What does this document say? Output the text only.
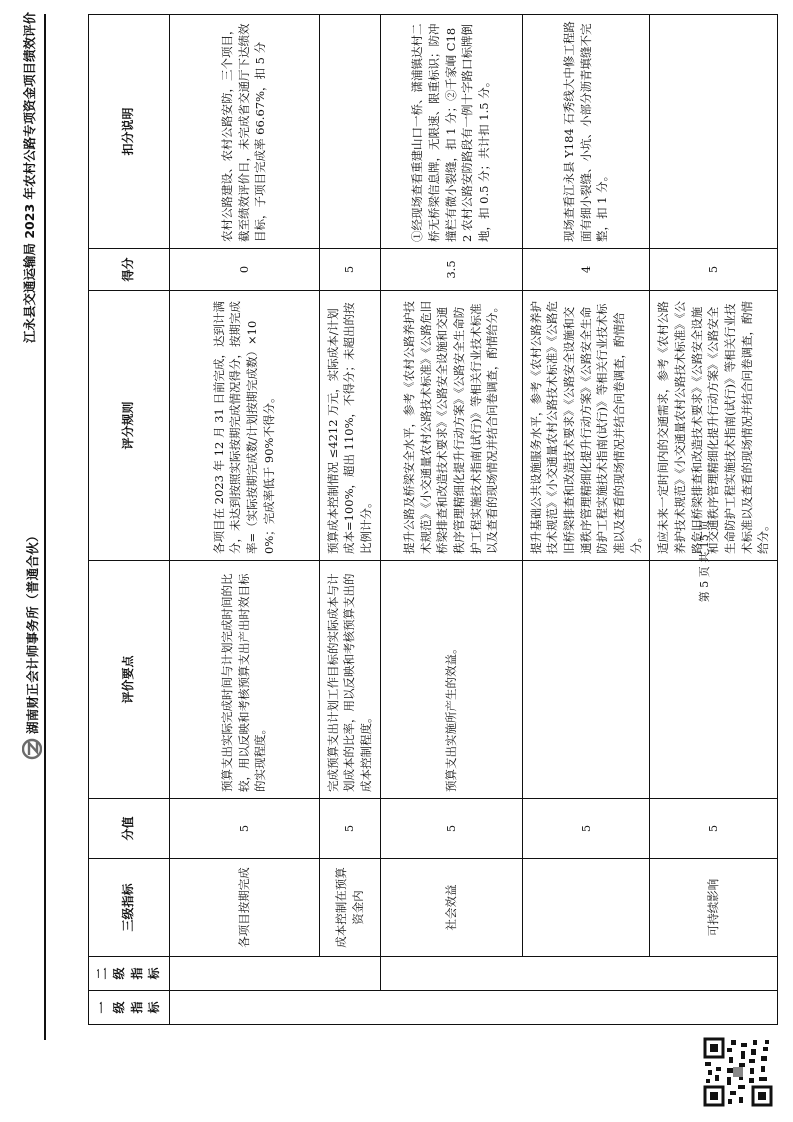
湖南财正会计师事务所（普通合伙）
江永县交通运输局 2023 年农村公路专项资金项目绩效评价
一级指标	二级指标	三级指标	分值	评价要点	评分规则	得分	扣分说明
		各项目按期完成	5	预算支出实际完成时间与计划完成时间的比较，用以反映和考核预算支出产出时效目标的实现程度。	各项目在 2023 年 12 月 31 日前完成，达到计满分，未达到按照实际按期完成情况得分，按期完成率=（实际按期完成数/计划按期完成数）×100%；完成率低于 90%不得分。	0	农村公路建设、农村公路安防，三个项目，截至绩效评价日，未完成省交通厅下达绩效目标，子项目完成率 66.67%，扣 5 分
		成本控制在预算资金内	5	完成预算支出计划工作目标的实际成本与计划成本的比率，用以反映和考核预算支出的成本控制程度。	预算成本控制情况 ≤4212 万元，实际成本/计划成本=100%，超出 110%，不得分；未超出的按比例计分。	5	
		社会效益	5	预算支出实施所产生的效益。	提升公路及桥梁安全水平，参考《农村公路养护技术规范》《小交通量农村公路技术标准》《公路危旧桥梁排查和改造技术要求》《公路安全设施和交通秩序管理精细化提升行动方案》《公路安全生命防护工程实施技术指南(试行)》等相关行业技术标准以及查看的现场情况并结合问卷调查，酌情给分。	3.5	①经现场查看重建山口一桥、潇浦镇达村二桥无桥梁信息牌，无限速、限重标识；防冲撞栏有微小裂缝，扣 1 分；②千家峒 C182 农村公路安防路段有一例十字路口标牌倒地，扣 0.5 分；共计扣 1.5 分。
			5		提升基础公共设施服务水平，参考《农村公路养护技术规范》《小交通量农村公路技术标准》《公路危旧桥梁排查和改造技术要求》《公路安全设施和交通秩序管理精细化提升行动方案》《公路安全生命防护工程实施技术指南(试行)》等相关行业技术标准以及查看的现场情况并结合问卷调查，酌情给分。	4	现场查看江永县 Y184 石秀线大中修工程路面有细小裂缝、小坑、小部分沥青填缝不完整，扣 1 分。
		可持续影响	5		适应未来一定时间内的交通需求，参考《农村公路养护技术规范》《小交通量农村公路技术标准》《公路危旧桥梁排查和改造技术要求》《公路安全设施和交通秩序管理精细化提升行动方案》《公路安全生命防护工程实施技术指南(试行)》等相关行业技术标准以及查看的现场情况并结合问卷调查，酌情给分。	5	
第 5 页 共 15 页
